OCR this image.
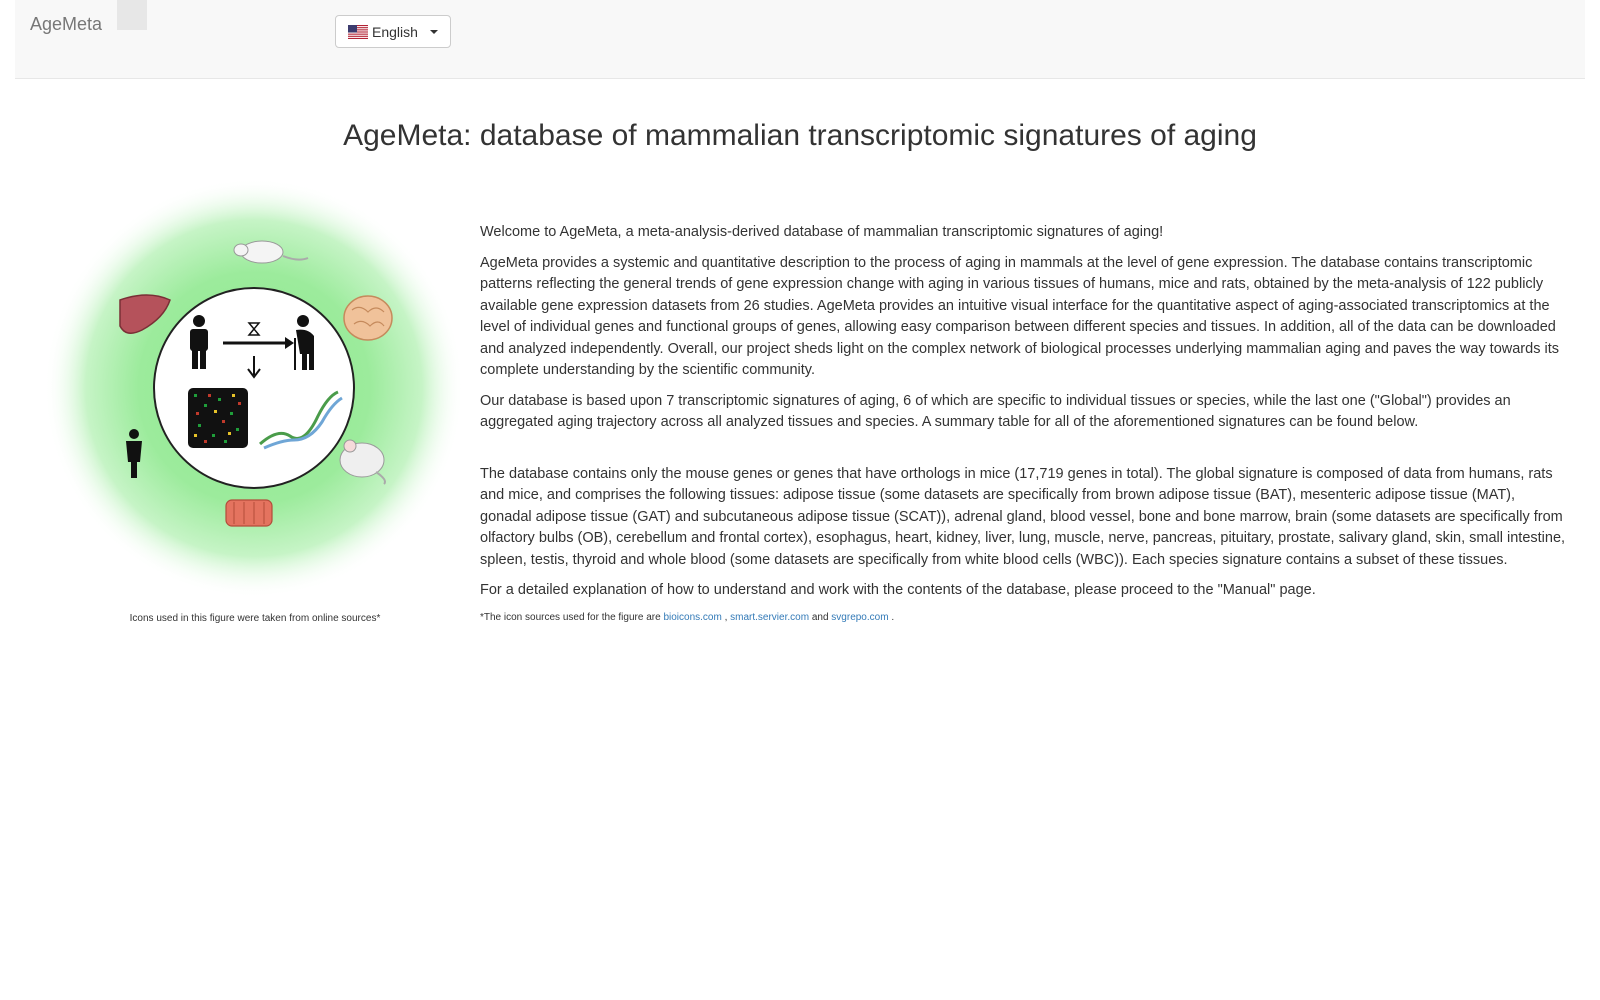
AgeMeta	English
AgeMeta: database of mammalian transcriptomic signatures of aging
Icons used in this figure were taken from online sources*

Welcome to AgeMeta, a meta-analysis-derived database of mammalian transcriptomic signatures of aging!

AgeMeta provides a systemic and quantitative description to the process of aging in mammals at the level of gene expression. The database contains transcriptomic patterns reflecting the general trends of gene expression change with aging in various tissues of humans, mice and rats, obtained by the meta-analysis of 122 publicly available gene expression datasets from 26 studies. AgeMeta provides an intuitive visual interface for the quantitative aspect of aging-associated transcriptomics at the level of individual genes and functional groups of genes, allowing easy comparison between different species and tissues. In addition, all of the data can be downloaded and analyzed independently. Overall, our project sheds light on the complex network of biological processes underlying mammalian aging and paves the way towards its complete understanding by the scientific community.

Our database is based upon 7 transcriptomic signatures of aging, 6 of which are specific to individual tissues or species, while the last one ("Global") provides an aggregated aging trajectory across all analyzed tissues and species. A summary table for all of the aforementioned signatures can be found below.

The database contains only the mouse genes or genes that have orthologs in mice (17,719 genes in total). The global signature is composed of data from humans, rats and mice, and comprises the following tissues: adipose tissue (some datasets are specifically from brown adipose tissue (BAT), mesenteric adipose tissue (MAT), gonadal adipose tissue (GAT) and subcutaneous adipose tissue (SCAT)), adrenal gland, blood vessel, bone and bone marrow, brain (some datasets are specifically from olfactory bulbs (OB), cerebellum and frontal cortex), esophagus, heart, kidney, liver, lung, muscle, nerve, pancreas, pituitary, prostate, salivary gland, skin, small intestine, spleen, testis, thyroid and whole blood (some datasets are specifically from white blood cells (WBC)). Each species signature contains a subset of these tissues.

For a detailed explanation of how to understand and work with the contents of the database, please proceed to the "Manual" page.

*The icon sources used for the figure are bioicons.com , smart.servier.com and svgrepo.com .
